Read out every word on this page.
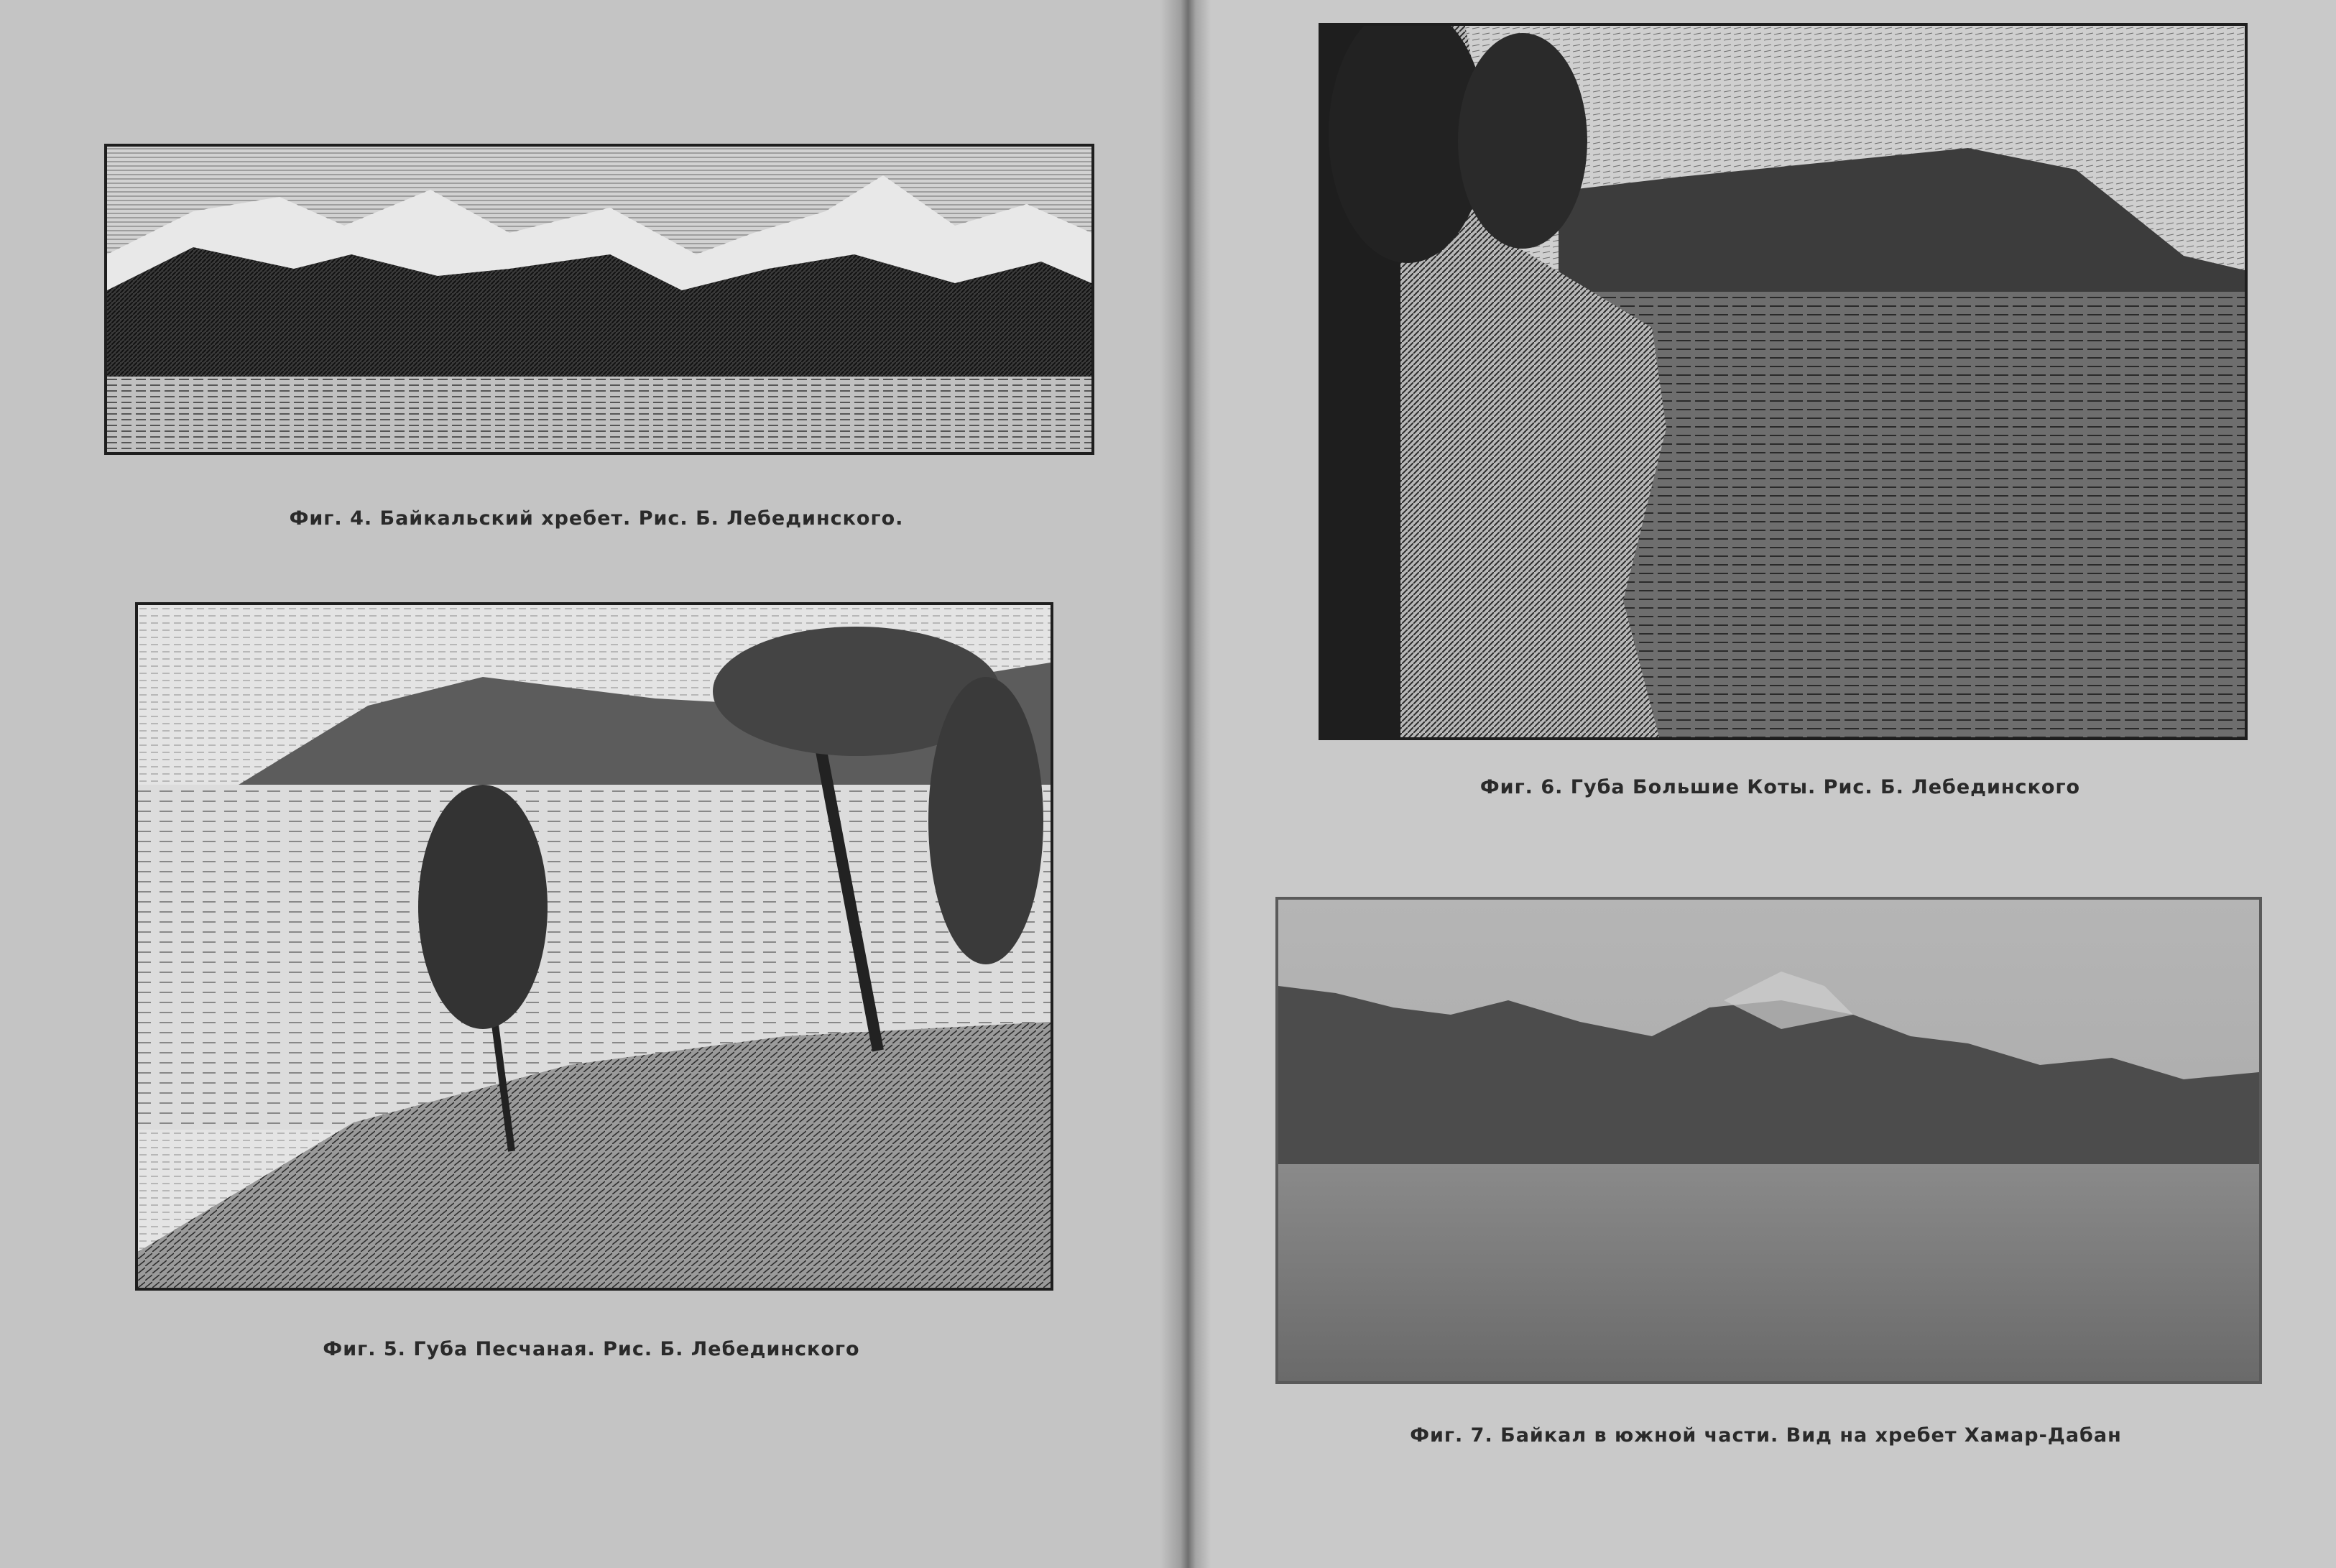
Фиг. 4. Байкальский хребет. Рис. Б. Лебединского.
Фиг. 5. Губа Песчаная. Рис. Б. Лебединского
Фиг. 6. Губа Большие Коты. Рис. Б. Лебединского
Фиг. 7. Байкал в южной части. Вид на хребет Хамар-Дабан
